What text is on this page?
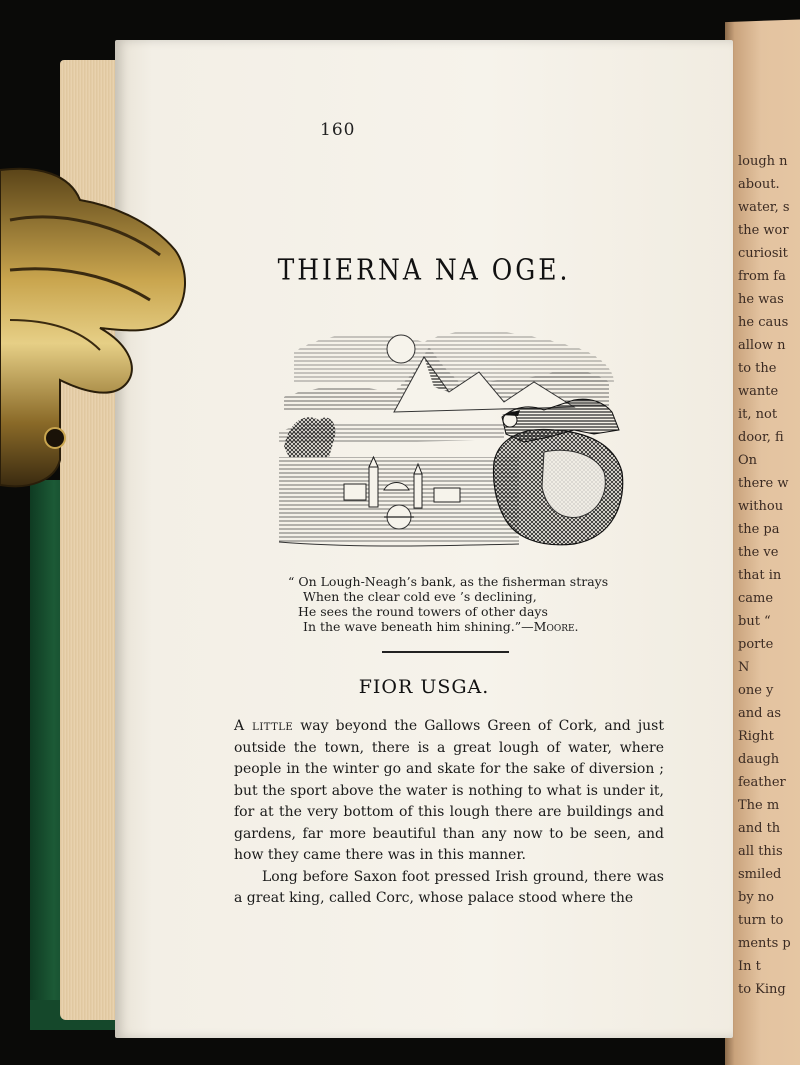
lough n
about.
water, s
the wor
curiosit
from fa
he was
he caus
allow n
to the
wante
it, not
door, fi
On
there w
withou
the pa
the ve
that in
came
but “
porte
N
one y
and as
Right
daugh
feather
The m
and th
all this
smiled
by no
turn to
ments p
In t
to King
160
THIERNA NA OGE.
“ On Lough-Neagh’s bank, as the fisherman strays
When the clear cold eve ’s declining,
He sees the round towers of other days
In the wave beneath him shining.”—Moore.
FIOR USGA.

A little way beyond the Gallows Green of Cork, and just outside the town, there is a great lough of water, where people in the winter go and skate for the sake of diversion ; but the sport above the water is nothing to what is under it, for at the very bottom of this lough there are buildings and gardens, far more beautiful than any now to be seen, and how they came there was in this manner.

Long before Saxon foot pressed Irish ground, there was a great king, called Corc, whose palace stood where the
